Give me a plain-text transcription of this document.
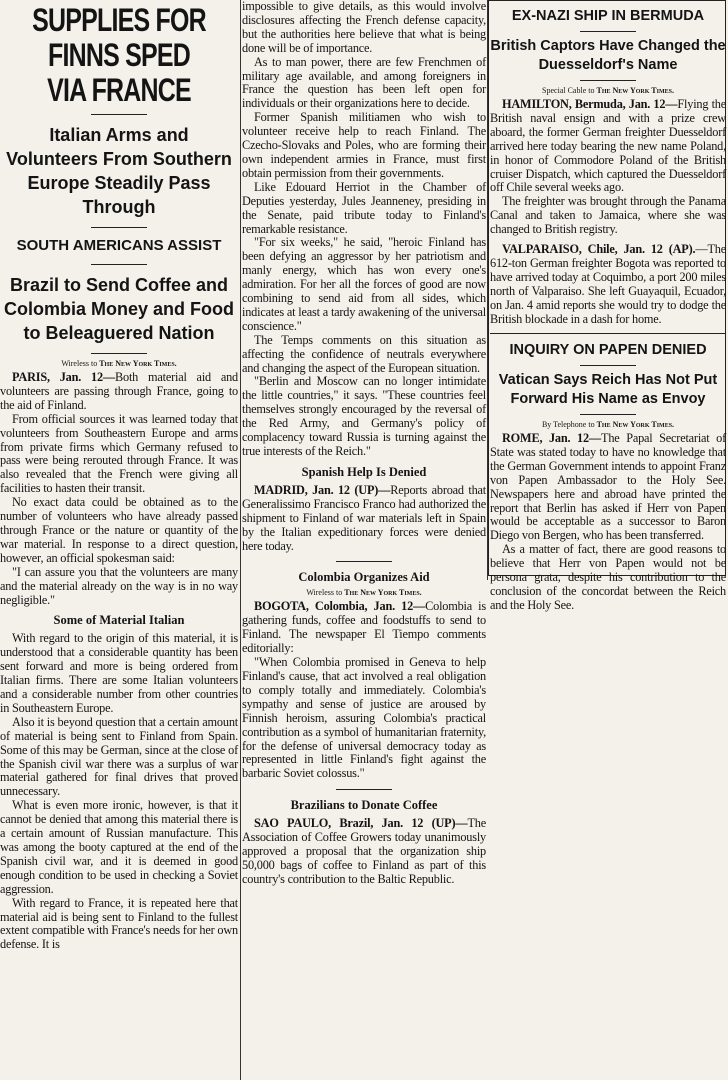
SUPPLIES FOR FINNS SPED VIA FRANCE
Italian Arms and Volunteers From Southern Europe Steadily Pass Through
SOUTH AMERICANS ASSIST
Brazil to Send Coffee and Colombia Money and Food to Beleaguered Nation
Wireless to The New York Times.

PARIS, Jan. 12—Both material aid and volunteers are passing through France, going to the aid of Finland.

From official sources it was learned today that volunteers from Southeastern Europe and arms from private firms which Germany refused to pass were being rerouted through France. It was also revealed that the French were giving all facilities to hasten their transit.

No exact data could be obtained as to the number of volunteers who have already passed through France or the nature or quantity of the war material. In response to a direct question, however, an official spokesman said:

"I can assure you that the volunteers are many and the material already on the way is in no way negligible."

Some of Material Italian

With regard to the origin of this material, it is understood that a considerable quantity has been sent forward and more is being ordered from Italian firms. There are some Italian volunteers and a considerable number from other countries in Southeastern Europe.

Also it is beyond question that a certain amount of material is being sent to Finland from Spain. Some of this may be German, since at the close of the Spanish civil war there was a surplus of war material gathered for final drives that proved unnecessary.

What is even more ironic, however, is that it cannot be denied that among this material there is a certain amount of Russian manufacture. This was among the booty captured at the end of the Spanish civil war, and it is deemed in good enough condition to be used in checking a Soviet aggression.

With regard to France, it is repeated here that material aid is being sent to Finland to the fullest extent compatible with France's needs for her own defense. It is

impossible to give details, as this would involve disclosures affecting the French defense capacity, but the authorities here believe that what is being done will be of importance.

As to man power, there are few Frenchmen of military age available, and among foreigners in France the question has been left open for individuals or their organizations here to decide.

Former Spanish militiamen who wish to volunteer receive help to reach Finland. The Czecho-Slovaks and Poles, who are forming their own independent armies in France, must first obtain permission from their governments.

Like Edouard Herriot in the Chamber of Deputies yesterday, Jules Jeanneney, presiding in the Senate, paid tribute today to Finland's remarkable resistance.

"For six weeks," he said, "heroic Finland has been defying an aggressor by her patriotism and manly energy, which has won every one's admiration. For her all the forces of good are now combining to send aid from all sides, which indicates at least a tardy awakening of the universal conscience."

The Temps comments on this situation as affecting the confidence of neutrals everywhere and changing the aspect of the European situation.

"Berlin and Moscow can no longer intimidate the little countries," it says. "These countries feel themselves strongly encouraged by the reversal of the Red Army, and Germany's policy of complacency toward Russia is turning against the true interests of the Reich."

Spanish Help Is Denied

MADRID, Jan. 12 (UP)—Reports abroad that Generalissimo Francisco Franco had authorized the shipment to Finland of war materials left in Spain by the Italian expeditionary forces were denied here today.

Colombia Organizes Aid
Wireless to The New York Times.

BOGOTA, Colombia, Jan. 12—Colombia is gathering funds, coffee and foodstuffs to send to Finland. The newspaper El Tiempo comments editorially:

"When Colombia promised in Geneva to help Finland's cause, that act involved a real obligation to comply totally and immediately. Colombia's sympathy and sense of justice are aroused by Finnish heroism, assuring Colombia's practical contribution as a symbol of humanitarian fraternity, for the defense of universal democracy today as represented in little Finland's fight against the barbaric Soviet colossus."

Brazilians to Donate Coffee

SAO PAULO, Brazil, Jan. 12 (UP)—The Association of Coffee Growers today unanimously approved a proposal that the organization ship 50,000 bags of coffee to Finland as part of this country's contribution to the Baltic Republic.

EX-NAZI SHIP IN BERMUDA
British Captors Have Changed the Duesseldorf's Name
Special Cable to The New York Times.

HAMILTON, Bermuda, Jan. 12—Flying the British naval ensign and with a prize crew aboard, the former German freighter Duesseldorf arrived here today bearing the new name Poland, in honor of Commodore Poland of the British cruiser Dispatch, which captured the Duesseldorf off Chile several weeks ago.

The freighter was brought through the Panama Canal and taken to Jamaica, where she was changed to British registry.

VALPARAISO, Chile, Jan. 12 (AP).—The 612-ton German freighter Bogota was reported to have arrived today at Coquimbo, a port 200 miles north of Valparaiso. She left Guayaquil, Ecuador, on Jan. 4 amid reports she would try to dodge the British blockade in a dash for home.

INQUIRY ON PAPEN DENIED
Vatican Says Reich Has Not Put Forward His Name as Envoy
By Telephone to The New York Times.

ROME, Jan. 12—The Papal Secretariat of State was stated today to have no knowledge that the German Government intends to appoint Franz von Papen Ambassador to the Holy See. Newspapers here and abroad have printed the report that Berlin has asked if Herr von Papen would be acceptable as a successor to Baron Diego von Bergen, who has been transferred.

As a matter of fact, there are good reasons to believe that Herr von Papen would not be persona grata, despite his contribution to the conclusion of the concordat between the Reich and the Holy See.
